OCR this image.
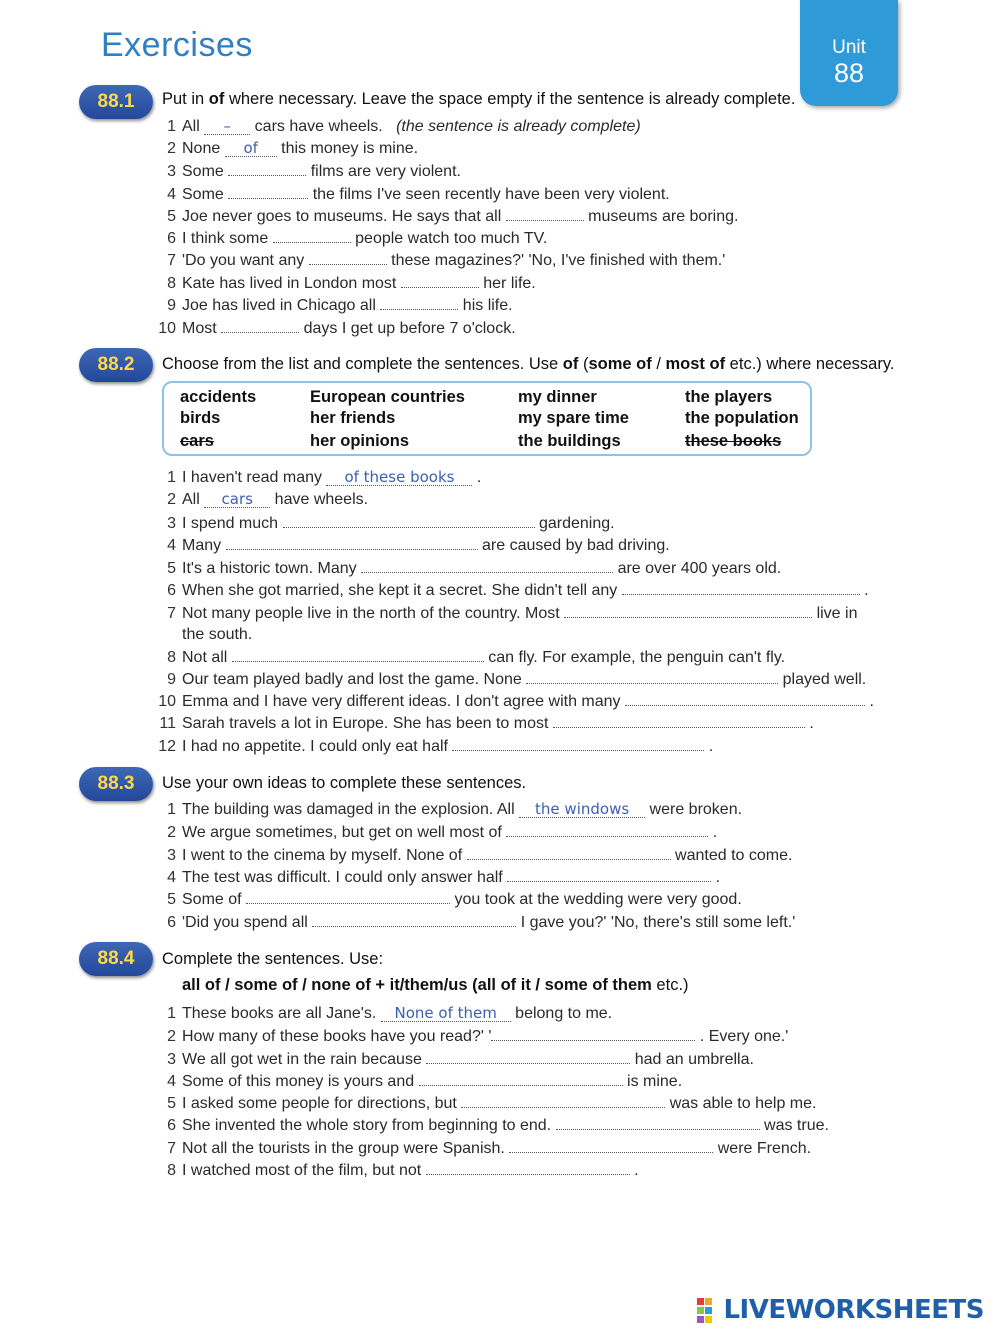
Exercises	Unit
88
88.1	Put in of where necessary. Leave the space empty if the sentence is already complete.
1 All – cars have wheels. (the sentence is already complete)
2 None of this money is mine.
3 Some	films are very violent.
4 Some	the films I've seen recently have been very violent.
5 Joe never goes to museums. He says that all	museums are boring.
6 I think some	people watch too much TV.
7 'Do you want any	these magazines?' 'No, I've finished with them.'
8 Kate has lived in London most	her life.
9 Joe has lived in Chicago all	his life.
10 Most	days I get up before 7 o'clock.
88.2	Choose from the list and complete the sentences. Use of (some of / most of etc.) where necessary.
accidents
birds
cars
European countries
her friends
her opinions
my dinner
my spare time
the buildings
the players
the population
these books
1 I haven't read many of these books .
2 All cars have wheels.
3 I spend much	gardening.
4 Many	are caused by bad driving.
5 It's a historic town. Many	are over 400 years old.
6 When she got married, she kept it a secret. She didn't tell any	.
7 Not many people live in the north of the country. Most	live in
the south.
8 Not all	can fly. For example, the penguin can't fly.
9 Our team played badly and lost the game. None	played well.
10 Emma and I have very different ideas. I don't agree with many	.
11 Sarah travels a lot in Europe. She has been to most	.
12 I had no appetite. I could only eat half	.
88.3	Use your own ideas to complete these sentences.
1 The building was damaged in the explosion. All the windows were broken.
2 We argue sometimes, but get on well most of	.
3 I went to the cinema by myself. None of	wanted to come.
4 The test was difficult. I could only answer half	.
5 Some of	you took at the wedding were very good.
6 'Did you spend all	I gave you?' 'No, there's still some left.'
88.4	Complete the sentences. Use:
all of / some of / none of + it/them/us (all of it / some of them etc.)
1 These books are all Jane's. None of them belong to me.
2 How many of these books have you read?' '	. Every one.'
3 We all got wet in the rain because	had an umbrella.
4 Some of this money is yours and	is mine.
5 I asked some people for directions, but	was able to help me.
6 She invented the whole story from beginning to end.	was true.
7 Not all the tourists in the group were Spanish.	were French.
8 I watched most of the film, but not	.
LIVEWORKSHEETS
